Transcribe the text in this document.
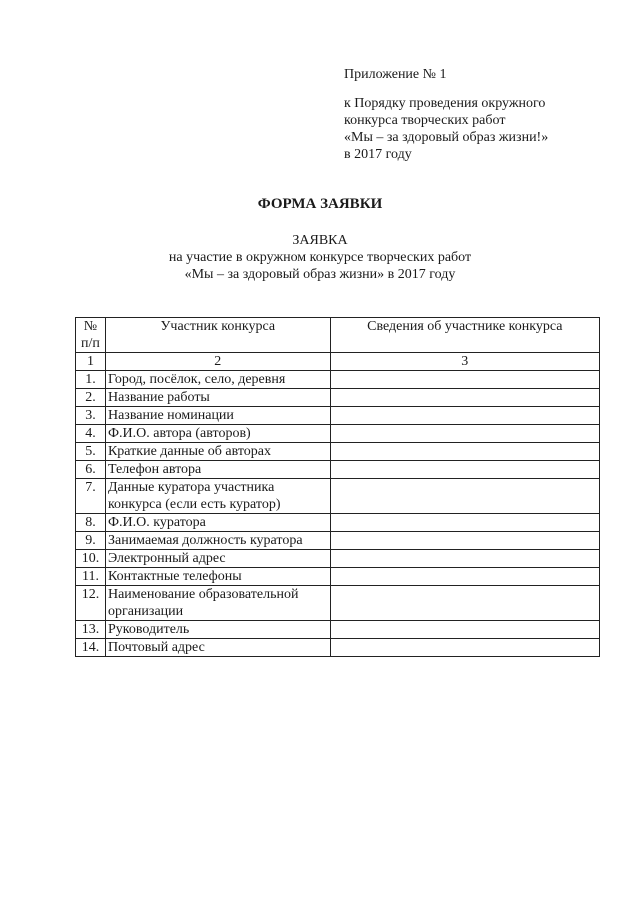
Приложение № 1
к Порядку проведения окружного
конкурса творческих работ
«Мы – за здоровый образ жизни!»
в 2017 году
ФОРМА ЗАЯВКИ
ЗАЯВКА
на участие в окружном конкурсе творческих работ
«Мы – за здоровый образ жизни» в 2017 году
№ п/п	Участник конкурса	Сведения об участнике конкурса
1	2	3
1.	Город, посёлок, село, деревня	
2.	Название работы	
3.	Название номинации	
4.	Ф.И.О. автора (авторов)	
5.	Краткие данные об авторах	
6.	Телефон автора	
7.	Данные куратора участника конкурса (если есть куратор)	
8.	Ф.И.О. куратора	
9.	Занимаемая должность куратора	
10.	Электронный адрес	
11.	Контактные телефоны	
12.	Наименование образовательной организации	
13.	Руководитель	
14.	Почтовый адрес	
